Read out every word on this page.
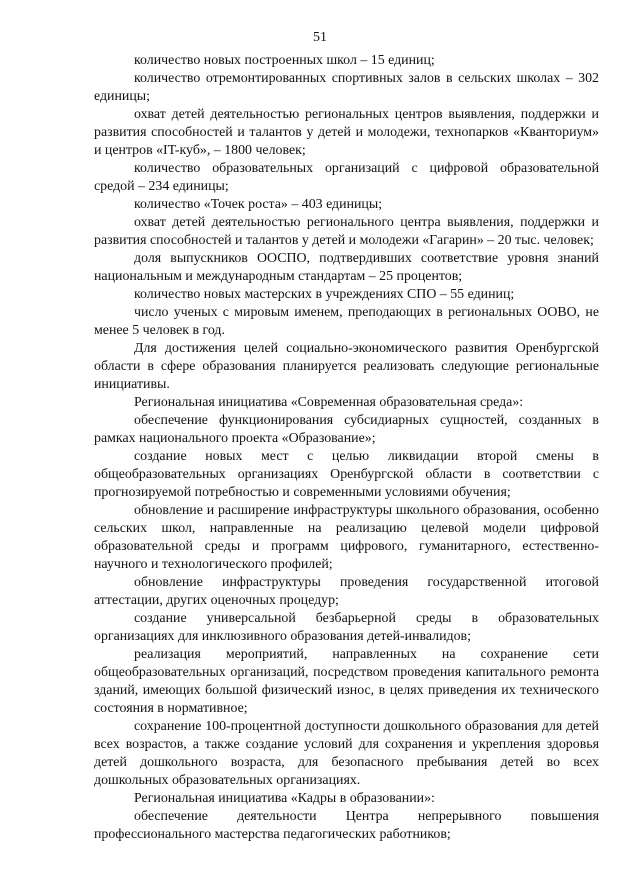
51

количество новых построенных школ – 15 единиц;

количество отремонтированных спортивных залов в сельских школах – 302 единицы;

охват детей деятельностью региональных центров выявления, поддержки и развития способностей и талантов у детей и молодежи, технопарков «Кванториум» и центров «IT-куб», – 1800 человек;

количество образовательных организаций с цифровой образовательной средой – 234 единицы;

количество «Точек роста» – 403 единицы;

охват детей деятельностью регионального центра выявления, поддержки и развития способностей и талантов у детей и молодежи «Гагарин» – 20 тыс. человек;

доля выпускников ООСПО, подтвердивших соответствие уровня знаний национальным и международным стандартам – 25 процентов;

количество новых мастерских в учреждениях СПО – 55 единиц;

число ученых с мировым именем, преподающих в региональных ООВО, не менее 5 человек в год.

Для достижения целей социально-экономического развития Оренбургской области в сфере образования планируется реализовать следующие региональные инициативы.

Региональная инициатива «Современная образовательная среда»:

обеспечение функционирования субсидиарных сущностей, созданных в рамках национального проекта «Образование»;

создание новых мест с целью ликвидации второй смены в общеобразовательных организациях Оренбургской области в соответствии с прогнозируемой потребностью и современными условиями обучения;

обновление и расширение инфраструктуры школьного образования, особенно сельских школ, направленные на реализацию целевой модели цифровой образовательной среды и программ цифрового, гуманитарного, естественно-научного и технологического профилей;

обновление инфраструктуры проведения государственной итоговой аттестации, других оценочных процедур;

создание универсальной безбарьерной среды в образовательных организациях для инклюзивного образования детей-инвалидов;

реализация мероприятий, направленных на сохранение сети общеобразовательных организаций, посредством проведения капитального ремонта зданий, имеющих большой физический износ, в целях приведения их технического состояния в нормативное;

сохранение 100-процентной доступности дошкольного образования для детей всех возрастов, а также создание условий для сохранения и укрепления здоровья детей дошкольного возраста, для безопасного пребывания детей во всех дошкольных образовательных организациях.

Региональная инициатива «Кадры в образовании»:

обеспечение деятельности Центра непрерывного повышения профессионального мастерства педагогических работников;
